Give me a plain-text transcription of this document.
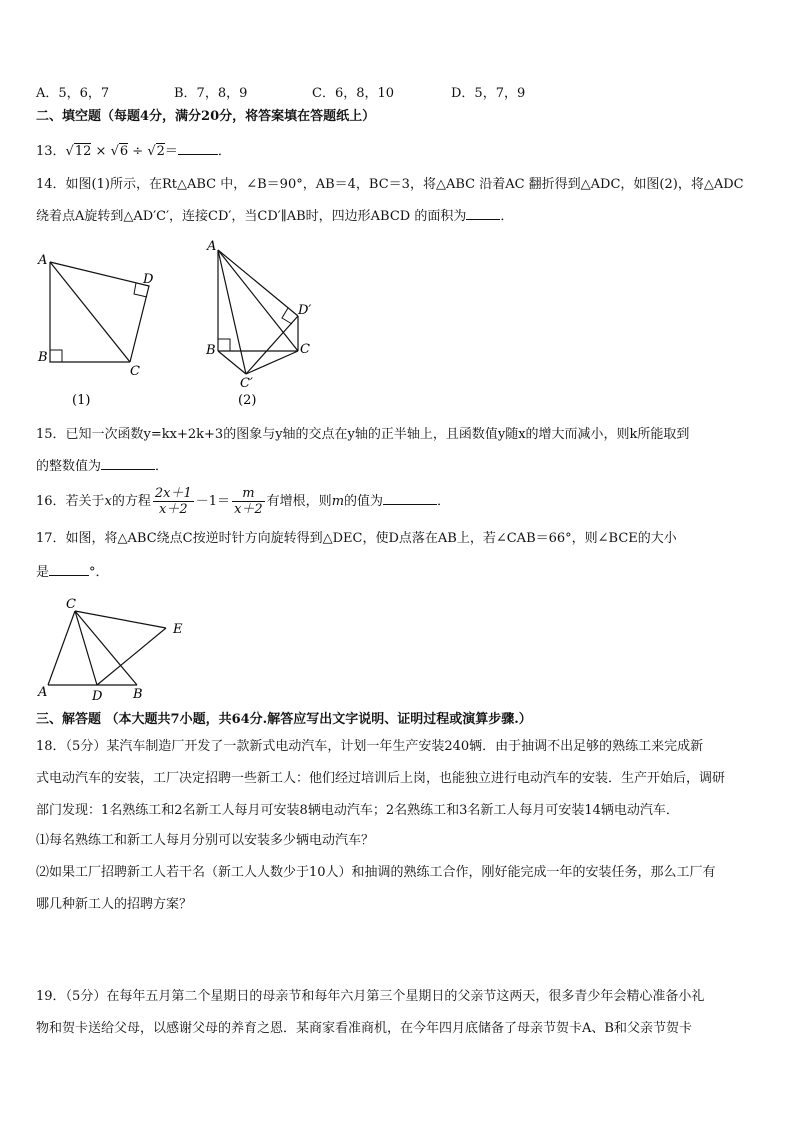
A．5，6，7	B．7，8，9	C．6，8，10	D．5，7，9
二、填空题（每题4分，满分20分，将答案填在答题纸上）
13．√12 × √6 ÷ √2＝	．
14．如图(1)所示，在Rt△ABC 中，∠B＝90°，AB＝4，BC＝3，将△ABC 沿着AC 翻折得到△ADC，如图(2)，将△ADC
绕着点A旋转到△AD′C′，连接CD′，当CD′∥AB时，四边形ABCD 的面积为	．
A
B
C
D
(1)
A
B	C
D′
C′
(2)
15．已知一次函数y=kx+2k+3的图象与y轴的交点在y轴的正半轴上，且函数值y随x的增大而减小，则k所能取到
的整数值为	．
16．若关于x的方程 $\frac{2x+1}{x+2} -1= \frac{m}{x+2}$ 有增根，则m的值为	．
17．如图，将△ABC绕点C按逆时针方向旋转得到△DEC，使D点落在AB上，若∠CAB＝66°，则∠BCE的大小
是	°．
C
E
A	D B
三、解答题 （本大题共7小题，共64分.解答应写出文字说明、证明过程或演算步骤.）
18．（5分）某汽车制造厂开发了一款新式电动汽车，计划一年生产安装240辆．由于抽调不出足够的熟练工来完成新
式电动汽车的安装，工厂决定招聘一些新工人：他们经过培训后上岗，也能独立进行电动汽车的安装．生产开始后，调研
部门发现：1名熟练工和2名新工人每月可安装8辆电动汽车；2名熟练工和3名新工人每月可安装14辆电动汽车．
⑴每名熟练工和新工人每月分别可以安装多少辆电动汽车？
⑵如果工厂招聘新工人若干名（新工人人数少于10人）和抽调的熟练工合作，刚好能完成一年的安装任务，那么工厂有
哪几种新工人的招聘方案？
19．（5分）在每年五月第二个星期日的母亲节和每年六月第三个星期日的父亲节这两天，很多青少年会精心准备小礼
物和贺卡送给父母，以感谢父母的养育之恩．某商家看准商机，在今年四月底储备了母亲节贺卡A、B和父亲节贺卡
